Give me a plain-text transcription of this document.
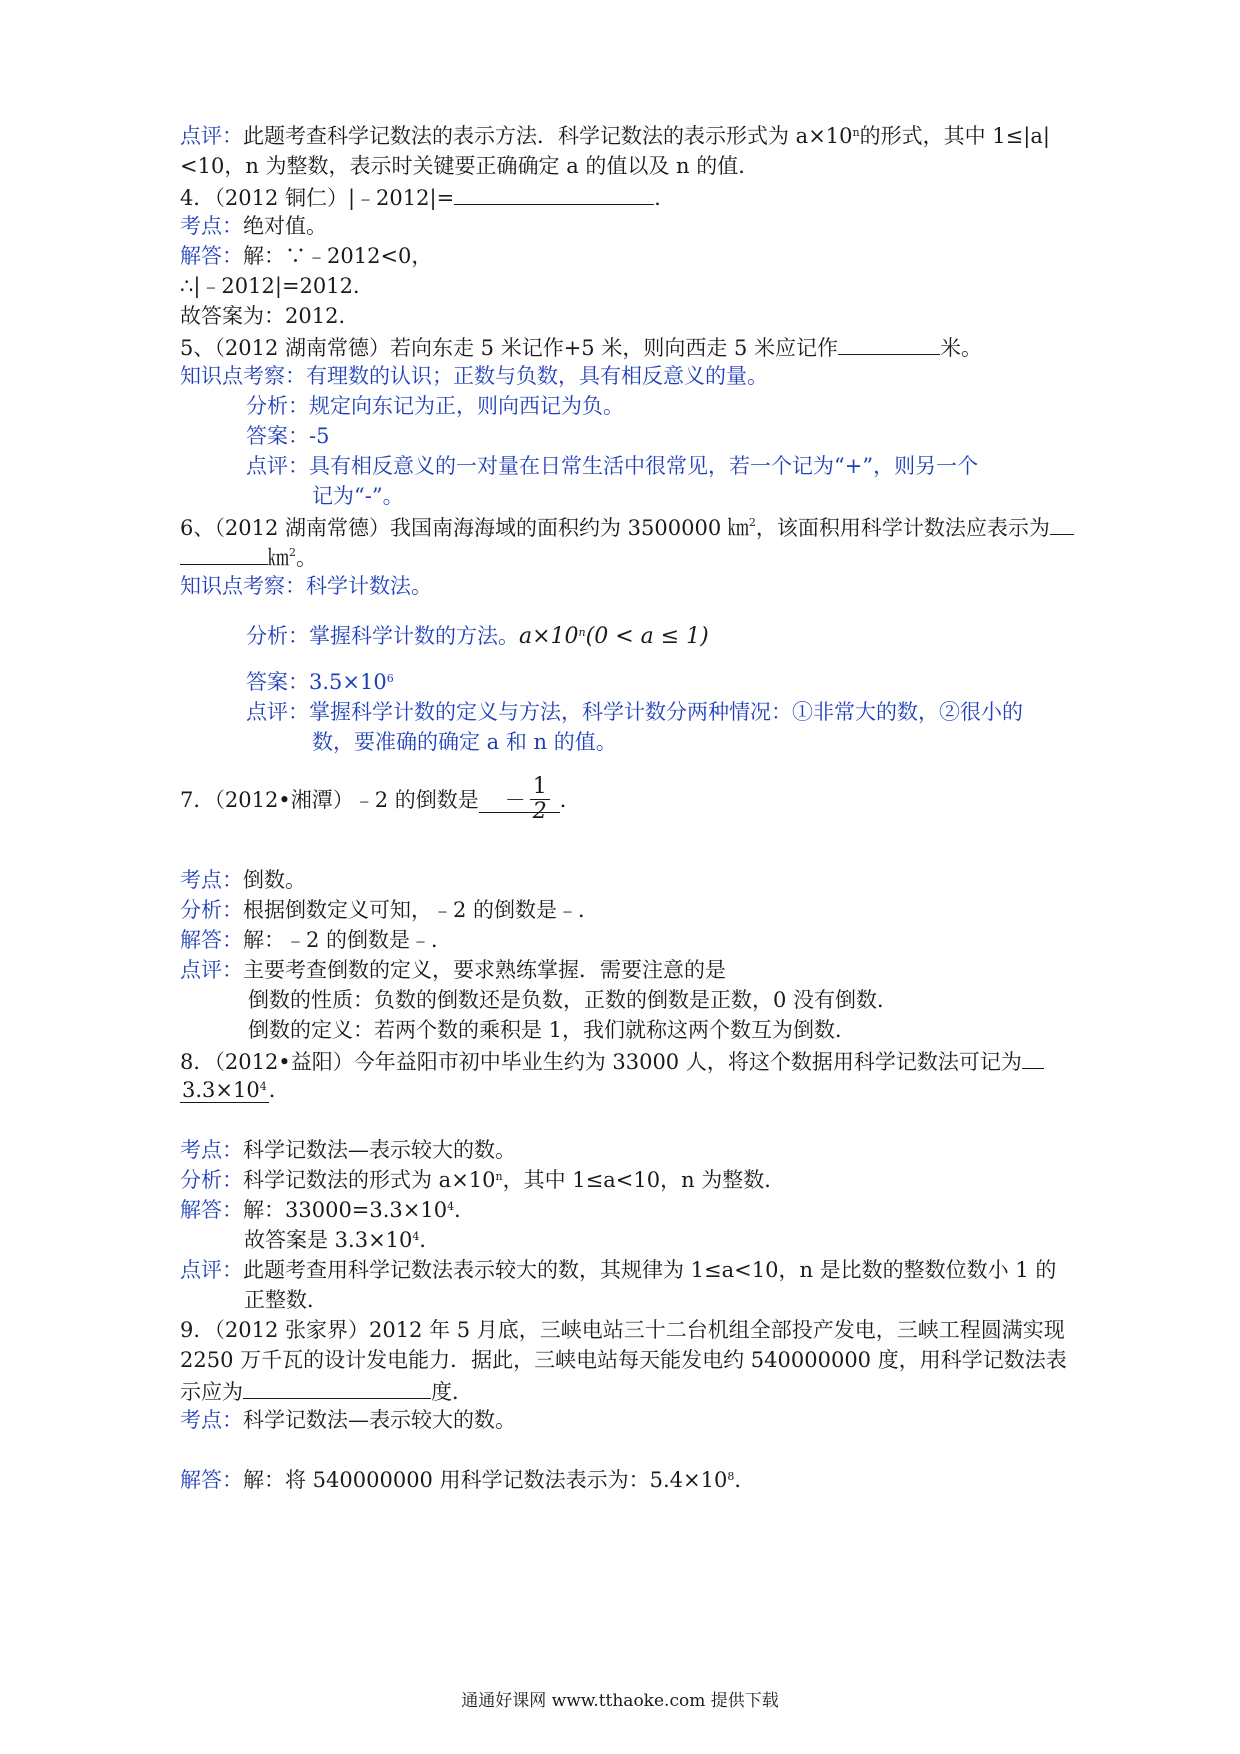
点评：此题考查科学记数法的表示方法．科学记数法的表示形式为 $a\times 10^n$的形式，其中 1≤|a|
<10，n 为整数，表示时关键要正确确定 a 的值以及 n 的值．
4．（2012 铜仁）|﹣2012|=	.
考点：绝对值。
解答：解：∵﹣2012<0，
∴|﹣2012|=2012．
故答案为：2012．
5、（2012 湖南常德）若向东走 5 米记作+5 米，则向西走 5 米应记作	米。
知识点考察：有理数的认识；正数与负数，具有相反意义的量。
分析：规定向东记为正，则向西记为负。
答案：-5
点评：具有相反意义的一对量在日常生活中很常见，若一个记为“+”，则另一个
记为“-”。
6、（2012 湖南常德）我国南海海域的面积约为 3500000 ㎞$^2$，该面积用科学计数法应表示为
㎞$^2$。
知识点考察：科学计数法。
分析：掌握科学计数的方法。$a\times 10^n(0 < a \le 1)$
答案：$3.5\times 10^6$
点评：掌握科学计数的定义与方法，科学计数分两种情况：①非常大的数，②很小的
数，要准确的确定 a 和 n 的值。
7．（2012•湘潭）﹣2 的倒数是 － $\frac{1}{2}$ ．
考点：倒数。
分析：根据倒数定义可知，﹣2 的倒数是﹣．
解答：解：﹣2 的倒数是﹣．
点评：主要考查倒数的定义，要求熟练掌握．需要注意的是
倒数的性质：负数的倒数还是负数，正数的倒数是正数，0 没有倒数．
倒数的定义：若两个数的乘积是 1，我们就称这两个数互为倒数．
8．（2012•益阳）今年益阳市初中毕业生约为 33000 人，将这个数据用科学记数法可记为
$3.3\times 10^4$．
考点：科学记数法—表示较大的数。
分析：科学记数法的形式为 $a\times 10^n$，其中 1≤a<10，n 为整数．
解答：解：$33000=3.3\times 10^4$．
故答案是 $3.3\times 10^4$．
点评：此题考查用科学记数法表示较大的数，其规律为 1≤a<10，n 是比数的整数位数小 1 的
正整数．
9．（2012 张家界）2012 年 5 月底，三峡电站三十二台机组全部投产发电，三峡工程圆满实现
2250 万千瓦的设计发电能力．据此，三峡电站每天能发电约 540000000 度，用科学记数法表
示应为	度．
考点：科学记数法—表示较大的数。
解答：解：将 540000000 用科学记数法表示为：$5.4\times 10^8$．
通通好课网 www.tthaoke.com 提供下载
